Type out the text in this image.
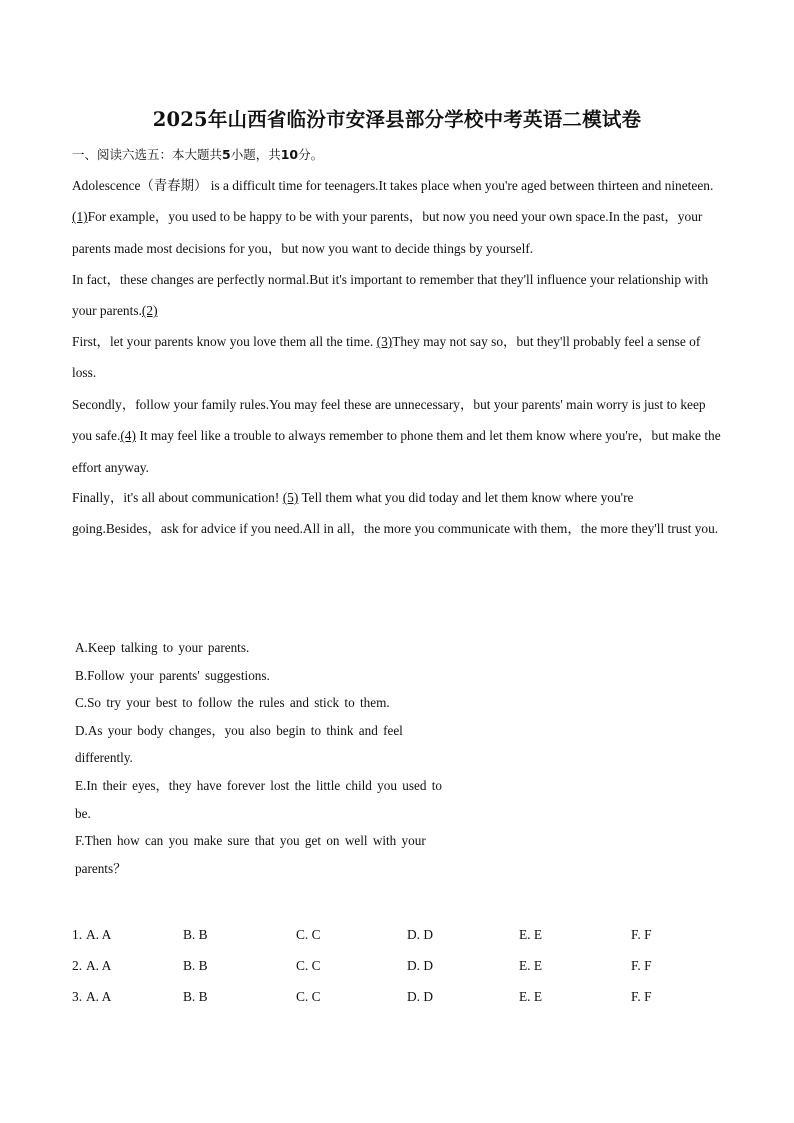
2025年山西省临汾市安泽县部分学校中考英语二模试卷
一、阅读六选五：本大题共5小题，共10分。
Adolescence（青春期） is a difficult time for teenagers.It takes place when you're aged between thirteen and nineteen. (1)For example，you used to be happy to be with your parents，but now you need your own space.In the past，your parents made most decisions for you，but now you want to decide things by yourself.
In fact，these changes are perfectly normal.But it's important to remember that they'll influence your relationship with your parents.(2)
First，let your parents know you love them all the time. (3)They may not say so，but they'll probably feel a sense of loss.
Secondly，follow your family rules.You may feel these are unnecessary，but your parents' main worry is just to keep you safe.(4) It may feel like a trouble to always remember to phone them and let them know where you're，but make the effort anyway.
Finally，it's all about communication! (5) Tell them what you did today and let them know where you're going.Besides，ask for advice if you need.All in all，the more you communicate with them，the more they'll trust you.
A.Keep talking to your parents.
B.Follow your parents' suggestions.
C.So try your best to follow the rules and stick to them.
D.As your body changes，you also begin to think and feel
differently.
E.In their eyes，they have forever lost the little child you used to
be.
F.Then how can you make sure that you get on well with your
parents？
1. A. A	B. B	C. C	D. D	E. E	F. F
2. A. A	B. B	C. C	D. D	E. E	F. F
3. A. A	B. B	C. C	D. D	E. E	F. F
